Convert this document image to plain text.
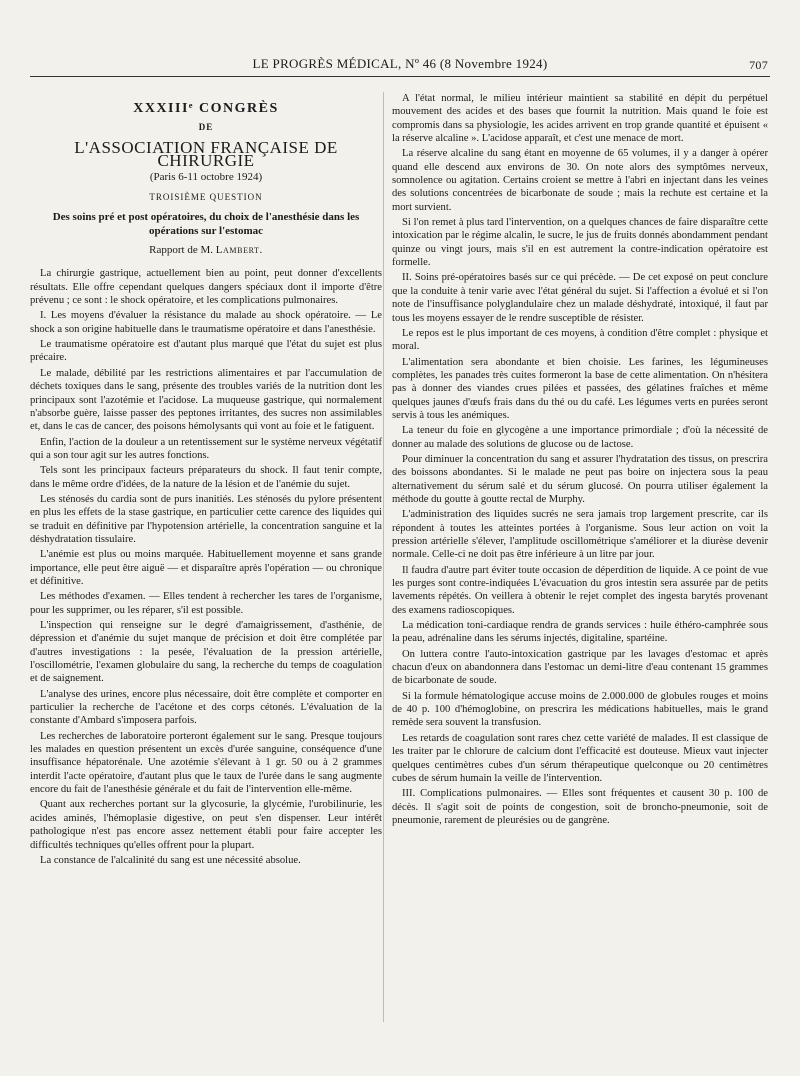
LE PROGRÈS MÉDICAL, Nº 46 (8 Novembre 1924)	707
XXXIIIᵉ CONGRÈS
DE
L'ASSOCIATION FRANÇAISE DE CHIRURGIE
(Paris 6-11 octobre 1924)
TROISIÈME QUESTION
Des soins pré et post opératoires, du choix de l'anesthésie dans les opérations sur l'estomac
Rapport de M. Lambert.

La chirurgie gastrique, actuellement bien au point, peut donner d'excellents résultats. Elle offre cependant quelques dangers spéciaux dont il importe d'être prévenu ; ce sont : le shock opératoire, et les complications pulmonaires.

I. Les moyens d'évaluer la résistance du malade au shock opératoire. — Le shock a son origine habituelle dans le traumatisme opératoire et dans l'anesthésie.

Le traumatisme opératoire est d'autant plus marqué que l'état du sujet est plus précaire.

Le malade, débilité par les restrictions alimentaires et par l'accumulation de déchets toxiques dans le sang, présente des troubles variés de la nutrition dont les principaux sont l'azotémie et l'acidose. La muqueuse gastrique, qui normalement n'absorbe guère, laisse passer des peptones irritantes, des sucres non assimilables et, dans le cas de cancer, des poisons hémolysants qui vont au foie et le fatiguent.

Enfin, l'action de la douleur a un retentissement sur le système nerveux végétatif qui a son tour agit sur les autres fonctions.

Tels sont les principaux facteurs préparateurs du shock. Il faut tenir compte, dans le même ordre d'idées, de la nature de la lésion et de l'anémie du sujet.

Les sténosés du cardia sont de purs inanitiés. Les sténosés du pylore présentent en plus les effets de la stase gastrique, en particulier cette carence des liquides qui se traduit en définitive par l'hypotension artérielle, la concentration sanguine et la déshydratation tissulaire.

L'anémie est plus ou moins marquée. Habituellement moyenne et sans grande importance, elle peut être aiguë — et disparaître après l'opération — ou chronique et définitive.

Les méthodes d'examen. — Elles tendent à rechercher les tares de l'organisme, pour les supprimer, ou les réparer, s'il est possible.

L'inspection qui renseigne sur le degré d'amaigrissement, d'asthénie, de dépression et d'anémie du sujet manque de précision et doit être complétée par d'autres investigations : la pesée, l'évaluation de la pression artérielle, l'oscillométrie, l'examen globulaire du sang, la recherche du temps de coagulation et de saignement.

L'analyse des urines, encore plus nécessaire, doit être complète et comporter en particulier la recherche de l'acétone et des corps cétonés. L'évaluation de la constante d'Ambard s'imposera parfois.

Les recherches de laboratoire porteront également sur le sang. Presque toujours les malades en question présentent un excès d'urée sanguine, conséquence d'une insuffisance hépatorénale. Une azotémie s'élevant à 1 gr. 50 ou à 2 grammes interdit l'acte opératoire, d'autant plus que le taux de l'urée dans le sang augmente encore du fait de l'anesthésie générale et du fait de l'intervention elle-même.

Quant aux recherches portant sur la glycosurie, la glycémie, l'urobilinurie, les acides aminés, l'hémoplasie digestive, on peut s'en dispenser. Leur intérêt pathologique n'est pas encore assez nettement établi pour faire accepter les difficultés techniques qu'elles offrent pour la plupart.

La constance de l'alcalinité du sang est une nécessité absolue.

A l'état normal, le milieu intérieur maintient sa stabilité en dépit du perpétuel mouvement des acides et des bases que fournit la nutrition. Mais quand le foie est compromis dans sa physiologie, les acides arrivent en trop grande quantité et épuisent « la réserve alcaline ». L'acidose apparaît, et c'est une menace de mort.

La réserve alcaline du sang étant en moyenne de 65 volumes, il y a danger à opérer quand elle descend aux environs de 30. On note alors des symptômes nerveux, somnolence ou agitation. Certains croient se mettre à l'abri en injectant dans les veines des solutions concentrées de bicarbonate de soude ; mais la rechute est certaine et la mort survient.

Si l'on remet à plus tard l'intervention, on a quelques chances de faire disparaître cette intoxication par le régime alcalin, le sucre, le jus de fruits donnés abondamment pendant quinze ou vingt jours, mais s'il en est autrement la contre-indication opératoire est formelle.

II. Soins pré-opératoires basés sur ce qui précède. — De cet exposé on peut conclure que la conduite à tenir varie avec l'état général du sujet. Si l'affection a évolué et si l'on note de l'insuffisance polyglandulaire chez un malade déshydraté, intoxiqué, il faut par tous les moyens essayer de le rendre susceptible de résister.

Le repos est le plus important de ces moyens, à condition d'être complet : physique et moral.

L'alimentation sera abondante et bien choisie. Les farines, les légumineuses complètes, les panades très cuites formeront la base de cette alimentation. On n'hésitera pas à donner des viandes crues pilées et passées, des gélatines fraîches et même quelques jaunes d'œufs frais dans du thé ou du café. Les légumes verts en purées seront servis à tous les anémiques.

La teneur du foie en glycogène a une importance primordiale ; d'où la nécessité de donner au malade des solutions de glucose ou de lactose.

Pour diminuer la concentration du sang et assurer l'hydratation des tissus, on prescrira des boissons abondantes. Si le malade ne peut pas boire on injectera sous la peau alternativement du sérum salé et du sérum glucosé. On pourra utiliser également la méthode du goutte à goutte rectal de Murphy.

L'administration des liquides sucrés ne sera jamais trop largement prescrite, car ils répondent à toutes les atteintes portées à l'organisme. Sous leur action on voit la pression artérielle s'élever, l'amplitude oscillométrique s'améliorer et la diurèse devenir normale. Celle-ci ne doit pas être inférieure à un litre par jour.

Il faudra d'autre part éviter toute occasion de déperdition de liquide. A ce point de vue les purges sont contre-indiquées L'évacuation du gros intestin sera assurée par de petits lavements répétés. On veillera à obtenir le rejet complet des ingesta barytés provenant des examens radioscopiques.

La médication toni-cardiaque rendra de grands services : huile éthéro-camphrée sous la peau, adrénaline dans les sérums injectés, digitaline, spartéine.

On luttera contre l'auto-intoxication gastrique par les lavages d'estomac et après chacun d'eux on abandonnera dans l'estomac un demi-litre d'eau contenant 15 grammes de bicarbonate de soude.

Si la formule hématologique accuse moins de 2.000.000 de globules rouges et moins de 40 p. 100 d'hémoglobine, on prescrira les médications habituelles, mais le grand remède sera souvent la transfusion.

Les retards de coagulation sont rares chez cette variété de malades. Il est classique de les traiter par le chlorure de calcium dont l'efficacité est douteuse. Mieux vaut injecter quelques centimètres cubes d'un sérum thérapeutique quelconque ou 20 centimètres cubes de sérum humain la veille de l'intervention.

III. Complications pulmonaires. — Elles sont fréquentes et causent 30 p. 100 de décès. Il s'agit soit de points de congestion, soit de broncho-pneumonie, soit de pneumonie, rarement de pleurésies ou de gangrène.
